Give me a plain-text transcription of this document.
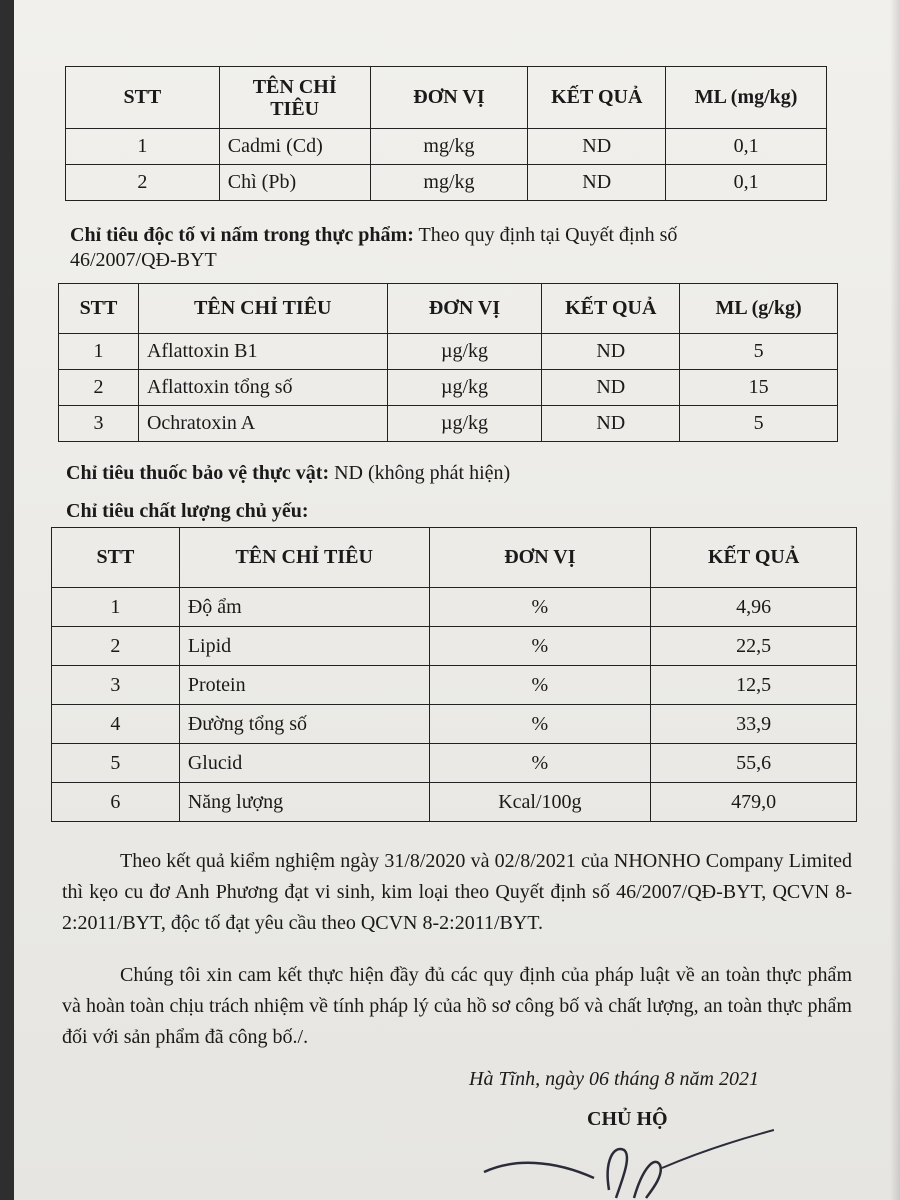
STT	TÊN CHỈ TIÊU	ĐƠN VỊ	KẾT QUẢ	ML (mg/kg)
1	Cadmi (Cd)	mg/kg	ND	0,1
2	Chì (Pb)	mg/kg	ND	0,1
Chỉ tiêu độc tố vi nấm trong thực phẩm: Theo quy định tại Quyết định số
46/2007/QĐ-BYT
STT	TÊN CHỈ TIÊU	ĐƠN VỊ	KẾT QUẢ	ML (g/kg)
1	Aflattoxin B1	µg/kg	ND	5
2	Aflattoxin tổng số	µg/kg	ND	15
3	Ochratoxin A	µg/kg	ND	5
Chỉ tiêu thuốc bảo vệ thực vật: ND (không phát hiện)
Chỉ tiêu chất lượng chủ yếu:
STT	TÊN CHỈ TIÊU	ĐƠN VỊ	KẾT QUẢ
1	Độ ẩm	%	4,96
2	Lipid	%	22,5
3	Protein	%	12,5
4	Đường tổng số	%	33,9
5	Glucid	%	55,6
6	Năng lượng	Kcal/100g	479,0

Theo kết quả kiểm nghiệm ngày 31/8/2020 và 02/8/2021 của NHONHO Company Limited thì kẹo cu đơ Anh Phương đạt vi sinh, kim loại theo Quyết định số 46/2007/QĐ-BYT, QCVN 8-2:2011/BYT, độc tố đạt yêu cầu theo QCVN 8-2:2011/BYT.

Chúng tôi xin cam kết thực hiện đầy đủ các quy định của pháp luật về an toàn thực phẩm và hoàn toàn chịu trách nhiệm về tính pháp lý của hồ sơ công bố và chất lượng, an toàn thực phẩm đối với sản phẩm đã công bố./.

Hà Tĩnh, ngày 06 tháng 8 năm 2021
CHỦ HỘ
